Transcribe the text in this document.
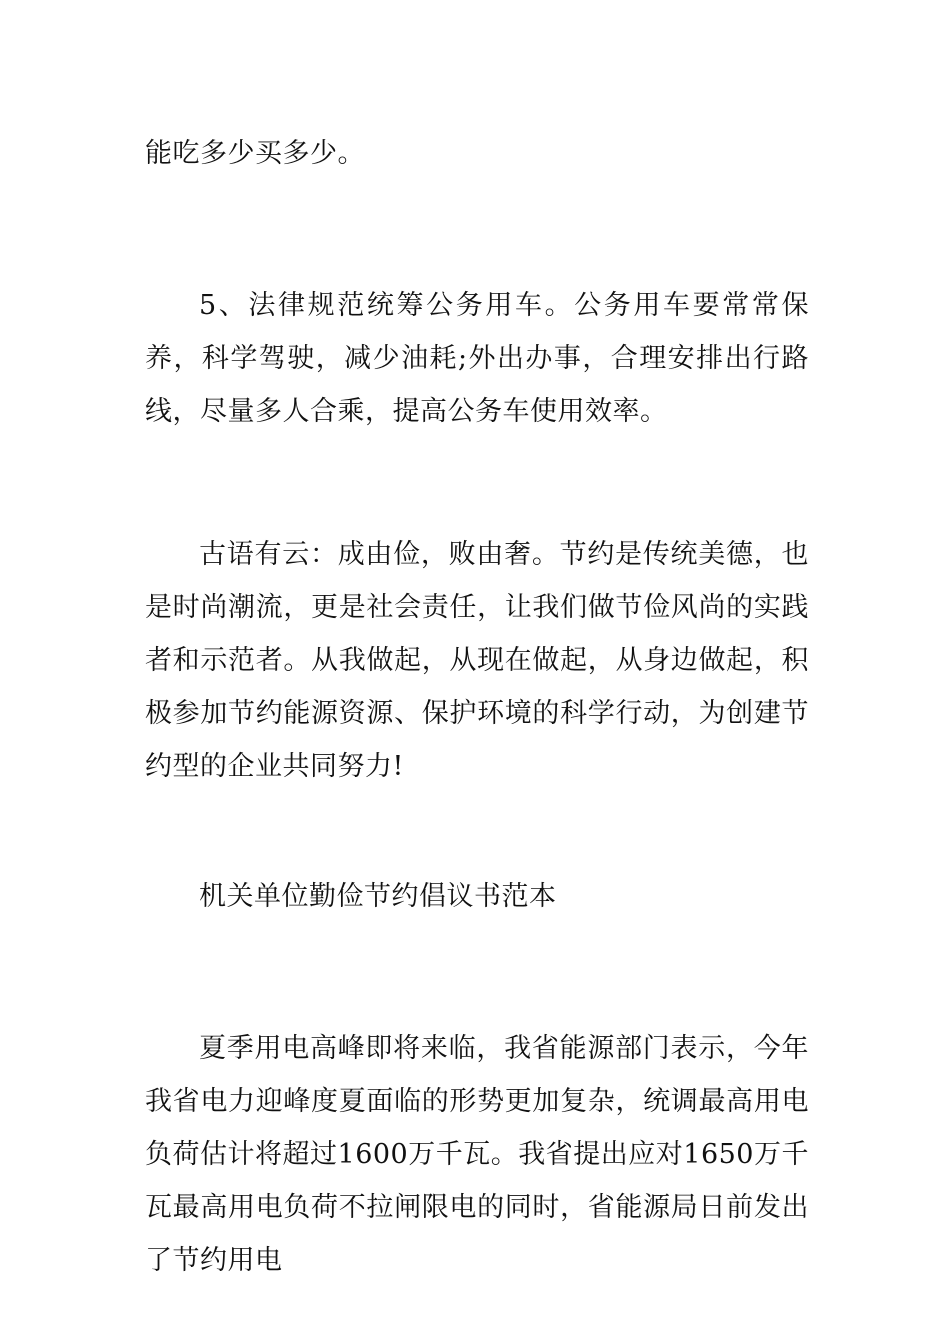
能吃多少买多少。

5、法律规范统筹公务用车。公务用车要常常保养，科学驾驶，减少油耗;外出办事，合理安排出行路线，尽量多人合乘，提高公务车使用效率。

古语有云：成由俭，败由奢。节约是传统美德，也是时尚潮流，更是社会责任，让我们做节俭风尚的实践者和示范者。从我做起，从现在做起，从身边做起，积极参加节约能源资源、保护环境的科学行动，为创建节约型的企业共同努力!

机关单位勤俭节约倡议书范本

夏季用电高峰即将来临，我省能源部门表示，今年我省电力迎峰度夏面临的形势更加复杂，统调最高用电负荷估计将超过1600万千瓦。我省提出应对1650万千瓦最高用电负荷不拉闸限电的同时，省能源局日前发出了节约用电
